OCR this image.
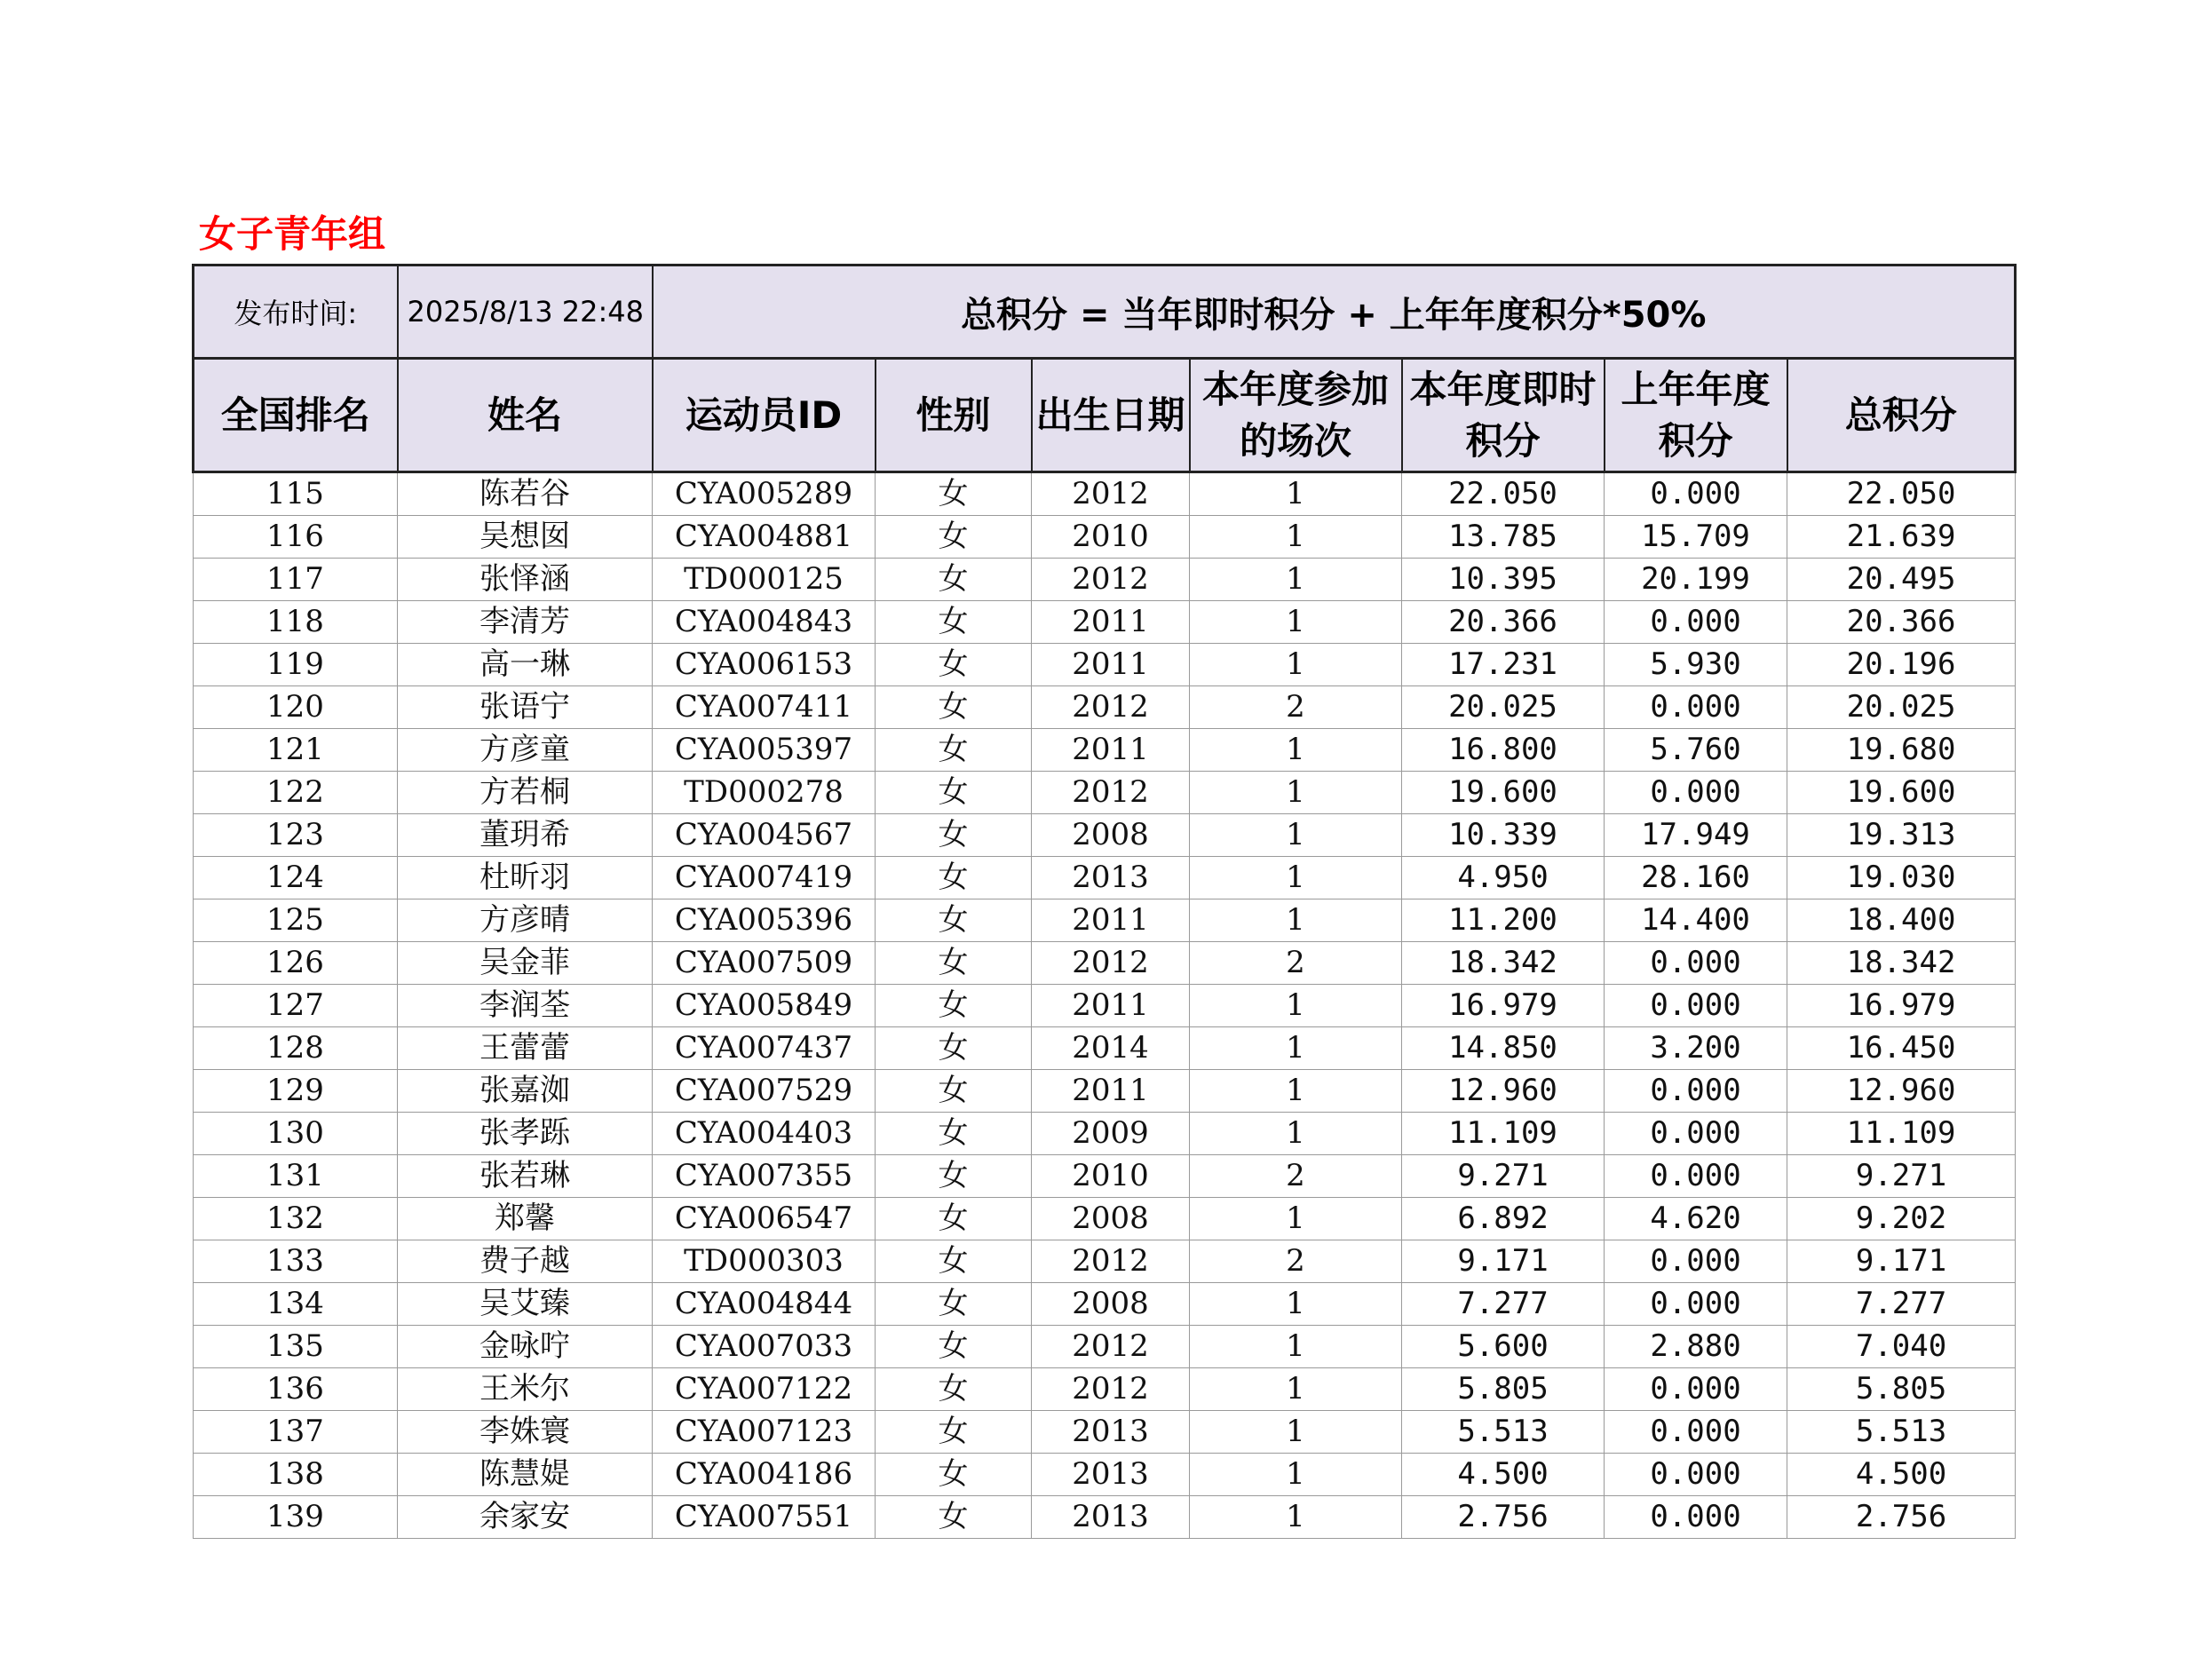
女子青年组
发布时间:	2025/8/13 22:48	总积分 = 当年即时积分 + 上年年度积分*50%						
全国排名	姓名	运动员ID	性别	出生日期	本年度参加的场次	本年度即时积分	上年年度积分	总积分
115	陈若谷	CYA005289	女	2012	1	22.050	0.000	22.050
116	吴想囡	CYA004881	女	2010	1	13.785	15.709	21.639
117	张怿涵	TD000125	女	2012	1	10.395	20.199	20.495
118	李清芳	CYA004843	女	2011	1	20.366	0.000	20.366
119	高一琳	CYA006153	女	2011	1	17.231	5.930	20.196
120	张语宁	CYA007411	女	2012	2	20.025	0.000	20.025
121	方彦童	CYA005397	女	2011	1	16.800	5.760	19.680
122	方若桐	TD000278	女	2012	1	19.600	0.000	19.600
123	董玥希	CYA004567	女	2008	1	10.339	17.949	19.313
124	杜昕羽	CYA007419	女	2013	1	4.950	28.160	19.030
125	方彦晴	CYA005396	女	2011	1	11.200	14.400	18.400
126	吴金菲	CYA007509	女	2012	2	18.342	0.000	18.342
127	李润荃	CYA005849	女	2011	1	16.979	0.000	16.979
128	王蕾蕾	CYA007437	女	2014	1	14.850	3.200	16.450
129	张嘉洳	CYA007529	女	2011	1	12.960	0.000	12.960
130	张孝跞	CYA004403	女	2009	1	11.109	0.000	11.109
131	张若琳	CYA007355	女	2010	2	9.271	0.000	9.271
132	郑馨	CYA006547	女	2008	1	6.892	4.620	9.202
133	费子越	TD000303	女	2012	2	9.171	0.000	9.171
134	吴艾臻	CYA004844	女	2008	1	7.277	0.000	7.277
135	金咏咛	CYA007033	女	2012	1	5.600	2.880	7.040
136	王米尔	CYA007122	女	2012	1	5.805	0.000	5.805
137	李姝寰	CYA007123	女	2013	1	5.513	0.000	5.513
138	陈慧媞	CYA004186	女	2013	1	4.500	0.000	4.500
139	余家安	CYA007551	女	2013	1	2.756	0.000	2.756
